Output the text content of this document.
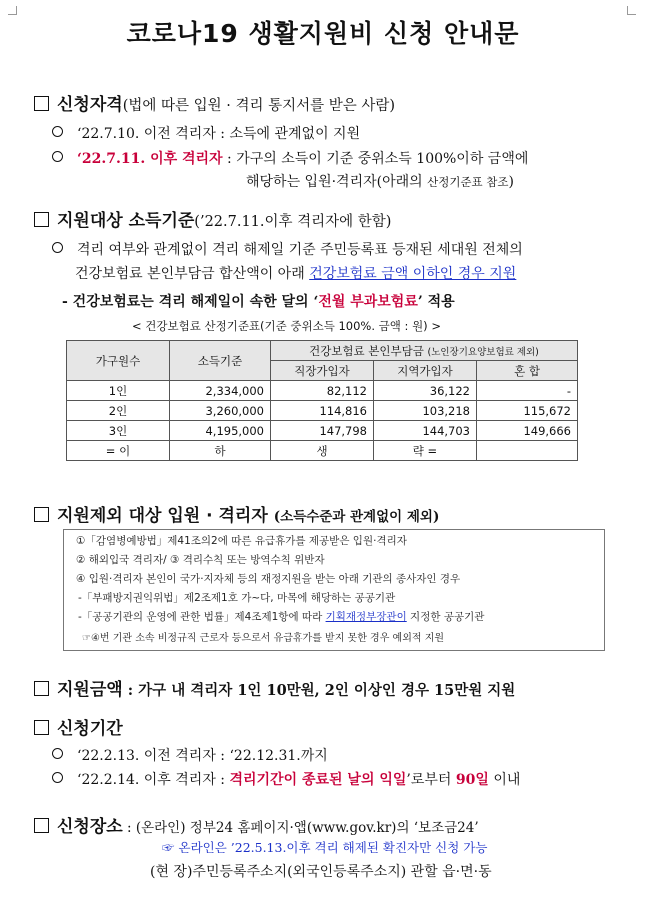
코로나19 생활지원비 신청 안내문
신청자격(법에 따른 입원 · 격리 통지서를 받은 사람)
‘22.7.10. 이전 격리자 : 소득에 관계없이 지원
‘22.7.11. 이후 격리자 : 가구의 소득이 기준 중위소득 100%이하 금액에
해당하는 입원·격리자(아래의 산정기준표 참조)
지원대상 소득기준(’22.7.11.이후 격리자에 한함)
격리 여부와 관계없이 격리 해제일 기준 주민등록표 등재된 세대원 전체의
건강보험료 본인부담금 합산액이 아래 건강보험료 금액 이하인 경우 지원
- 건강보험료는 격리 해제일이 속한 달의 ‘전월 부과보험료’ 적용
< 건강보험료 산정기준표(기준 중위소득 100%. 금액 : 원) >
가구원수	소득기준	건강보험료 본인부담금 (노인장기요양보험료 제외)		
		직장가입자	지역가입자	혼 합
1인	2,334,000	82,112	36,122	-
2인	3,260,000	114,816	103,218	115,672
3인	4,195,000	147,798	144,703	149,666
= 이	하	생	략 =	
지원제외 대상 입원 · 격리자 (소득수준과 관계없이 제외)
①「감염병예방법」제41조의2에 따른 유급휴가를 제공받은 입원·격리자
② 해외입국 격리자/ ③ 격리수칙 또는 방역수칙 위반자
④ 입원·격리자 본인이 국가·지자체 등의 재정지원을 받는 아래 기관의 종사자인 경우
-「부패방지권익위법」제2조제1호 가~다, 마목에 해당하는 공공기관
-「공공기관의 운영에 관한 법률」제4조제1항에 따라 기획재정부장관이 지정한 공공기관
☞④번 기관 소속 비정규직 근로자 등으로서 유급휴가를 받지 못한 경우 예외적 지원
지원금액 : 가구 내 격리자 1인 10만원, 2인 이상인 경우 15만원 지원
신청기간
‘22.2.13. 이전 격리자 : ‘22.12.31.까지
‘22.2.14. 이후 격리자 : 격리기간이 종료된 날의 익일’로부터 90일 이내
신청장소 : (온라인) 정부24 홈페이지·앱(www.gov.kr)의 ‘보조금24’
☞ 온라인은 ’22.5.13.이후 격리 해제된 확진자만 신청 가능
(현 장)주민등록주소지(외국인등록주소지) 관할 읍·면·동
